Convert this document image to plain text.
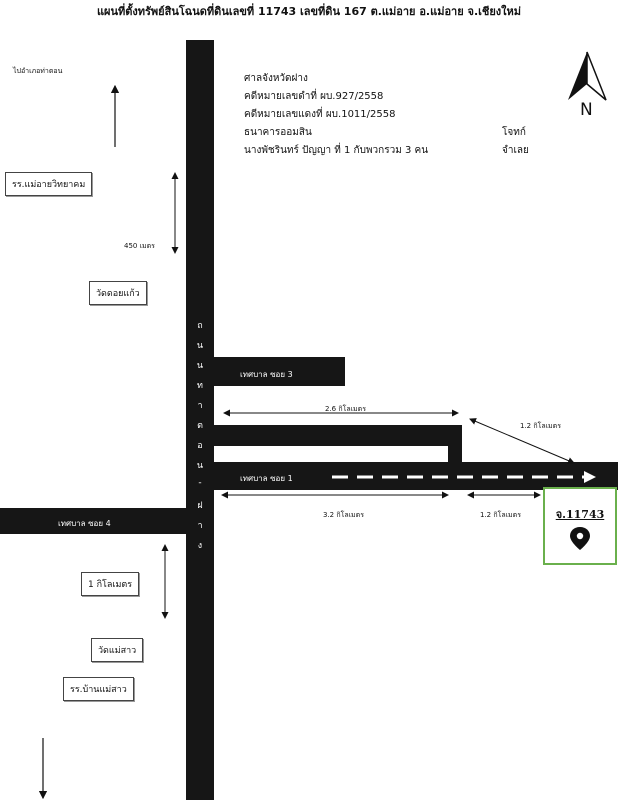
แผนที่ตั้งทรัพย์สินโฉนดที่ดินเลขที่ 11743 เลขที่ดิน 167 ต.แม่อาย อ.แม่อาย จ.เชียงใหม่
เทศบาล ซอย 3
เทศบาล ซอย 1
เทศบาล ซอย 4
N
ศาลจังหวัดฝาง
คดีหมายเลขดำที่ ผบ.927/2558
คดีหมายเลขแดงที่ ผบ.1011/2558
ธนาคารออมสิน	โจทก์
นางพัชรินทร์ ปัญญา ที่ 1 กับพวกรวม 3 คน	จำเลย
ไปอำเภอท่าตอน
รร.แม่อายวิทยาคม
450 เมตร
วัดดอยแก้ว
2.6 กิโลเมตร
1.2 กิโลเมตร
3.2 กิโลเมตร	1.2 กิโลเมตร
1 กิโลเมตร
วัดแม่สาว
รร.บ้านแม่สาว
จ.11743
ถ
น
น
ท
า
ต
อ
น
-
ฝ
า
ง
